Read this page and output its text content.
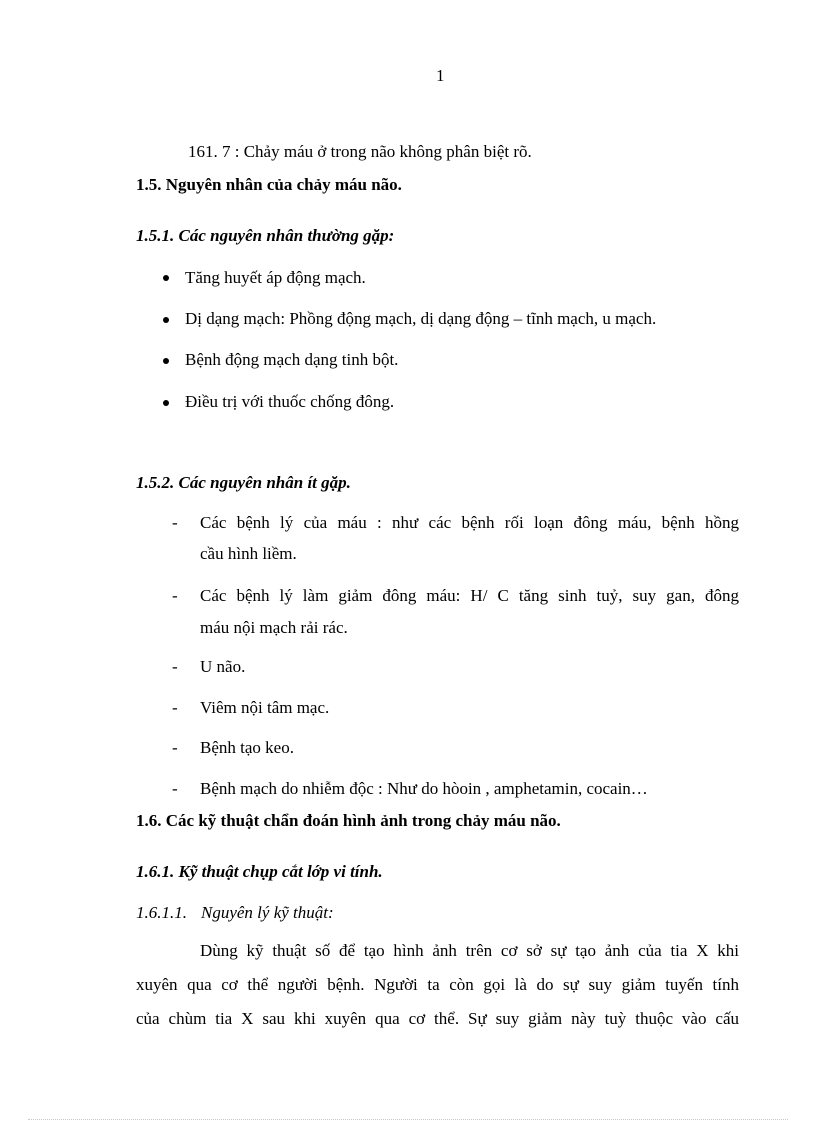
1
161. 7 : Chảy máu ở trong não không phân biệt rõ.
1.5. Nguyên nhân của chảy máu não.
1.5.1. Các nguyên nhân thường gặp:
Tăng huyết áp động mạch.
Dị dạng mạch: Phồng động mạch, dị dạng động – tĩnh mạch, u mạch.
Bệnh động mạch dạng tinh bột.
Điều trị với thuốc chống đông.
1.5.2. Các nguyên nhân ít gặp.
- Các bệnh lý của máu : như các bệnh rối loạn đông máu, bệnh hồng
cầu hình liềm.
- Các bệnh lý làm giảm đông máu: H/ C tăng sinh tuỷ, suy gan, đông
máu nội mạch rải rác.
- U não.
- Viêm nội tâm mạc.
- Bệnh tạo keo.
- Bệnh mạch do nhiễm độc : Như do hòoin , amphetamin, cocain…
1.6. Các kỹ thuật chẩn đoán hình ảnh trong chảy máu não.
1.6.1. Kỹ thuật chụp cắt lớp vi tính.
1.6.1.1. Nguyên lý kỹ thuật:
Dùng kỹ thuật số để tạo hình ảnh trên cơ sở sự tạo ảnh của tia X khi
xuyên qua cơ thể người bệnh. Người ta còn gọi là do sự suy giảm tuyến tính
của chùm tia X sau khi xuyên qua cơ thể. Sự suy giảm này tuỳ thuộc vào cấu
